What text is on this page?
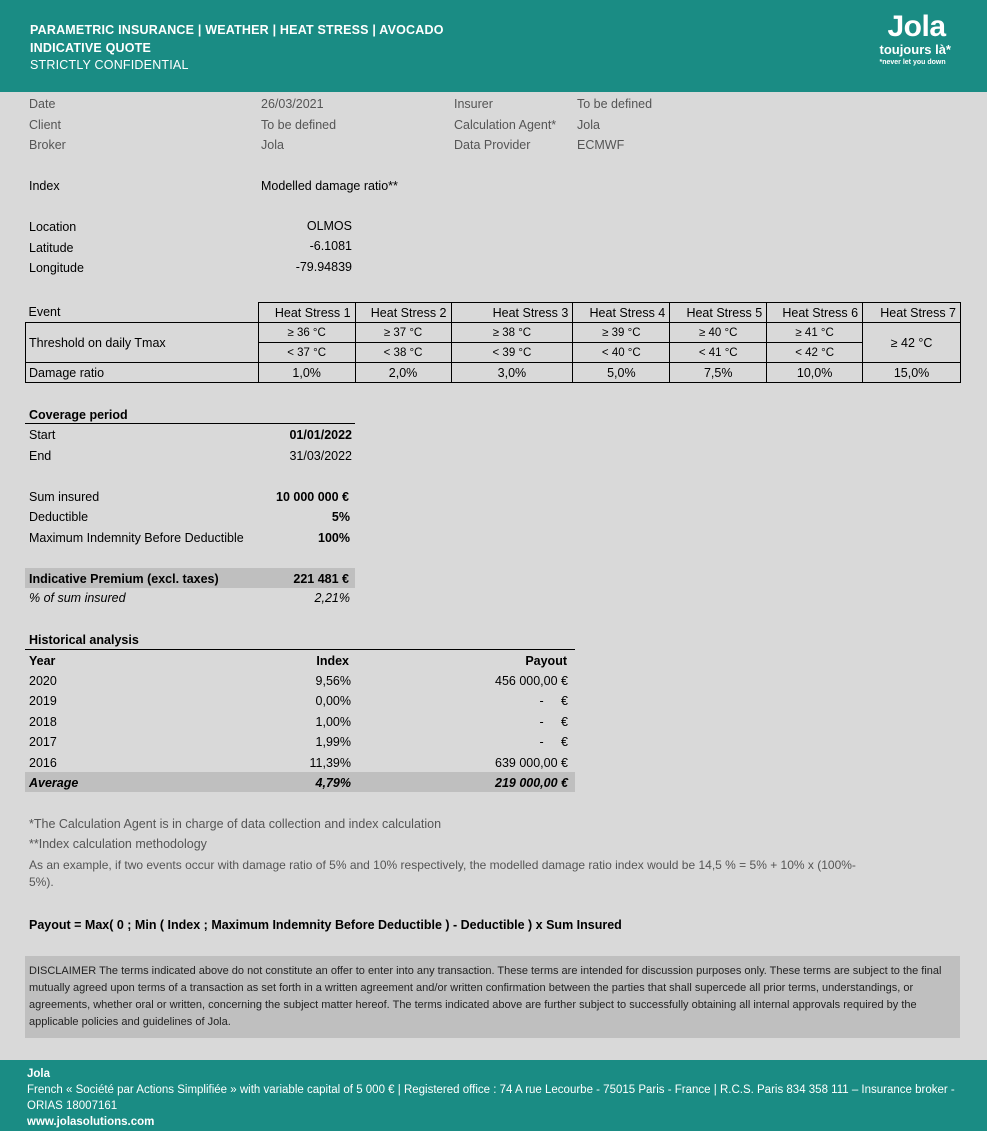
PARAMETRIC INSURANCE | WEATHER | HEAT STRESS | AVOCADO
INDICATIVE QUOTE
STRICTLY CONFIDENTIAL
Jola
toujours là*
*never let you down
Date	26/03/2021	Insurer	To be defined
Client	To be defined	Calculation Agent* Jola
Broker	Jola	Data Provider	ECMWF
Index	Modelled damage ratio**
Location	OLMOS
Latitude	-6.1081
Longitude	-79.94839
Event	Heat Stress 1	Heat Stress 2	Heat Stress 3	Heat Stress 4	Heat Stress 5	Heat Stress 6	Heat Stress 7
Threshold on daily Tmax	≥ 36 °C	≥ 37 °C	≥ 38 °C	≥ 39 °C	≥ 40 °C	≥ 41 °C	≥ 42 °C
	< 37 °C	< 38 °C	< 39 °C	< 40 °C	< 41 °C	< 42 °C	
Damage ratio	1,0%	2,0%	3,0%	5,0%	7,5%	10,0%	15,0%
Coverage period
Start	01/01/2022
End	31/03/2022
Sum insured	10 000 000 €
Deductible	5%
Maximum Indemnity Before Deductible	100%
Indicative Premium (excl. taxes)	221 481 €
% of sum insured	2,21%
Historical analysis
Year	Index	Payout
2020	9,56%	456 000,00 €
2019	0,00%	-     €
2018	1,00%	-     €
2017	1,99%	-     €
2016	11,39%	639 000,00 €
Average	4,79%	219 000,00 €
*The Calculation Agent is in charge of data collection and index calculation
**Index calculation methodology
As an example, if two events occur with damage ratio of 5% and 10% respectively, the modelled damage ratio index would be 14,5 % = 5% + 10% x (100%-
5%).
Payout = Max( 0 ; Min ( Index ; Maximum Indemnity Before Deductible ) - Deductible ) x Sum Insured
DISCLAIMER The terms indicated above do not constitute an offer to enter into any transaction. These terms are intended for discussion purposes only. These terms are subject to the final mutually agreed upon terms of a transaction as set forth in a written agreement and/or written confirmation between the parties that shall supercede all prior terms, understandings, or agreements, whether oral or written, concerning the subject matter hereof. The terms indicated above are further subject to successfully obtaining all internal approvals required by the applicable policies and guidelines of Jola.
Jola
French « Société par Actions Simplifiée » with variable capital of 5 000 € | Registered office : 74 A rue Lecourbe - 75015 Paris - France | R.C.S. Paris 834 358 111 – Insurance broker -
ORIAS 18007161
www.jolasolutions.com
